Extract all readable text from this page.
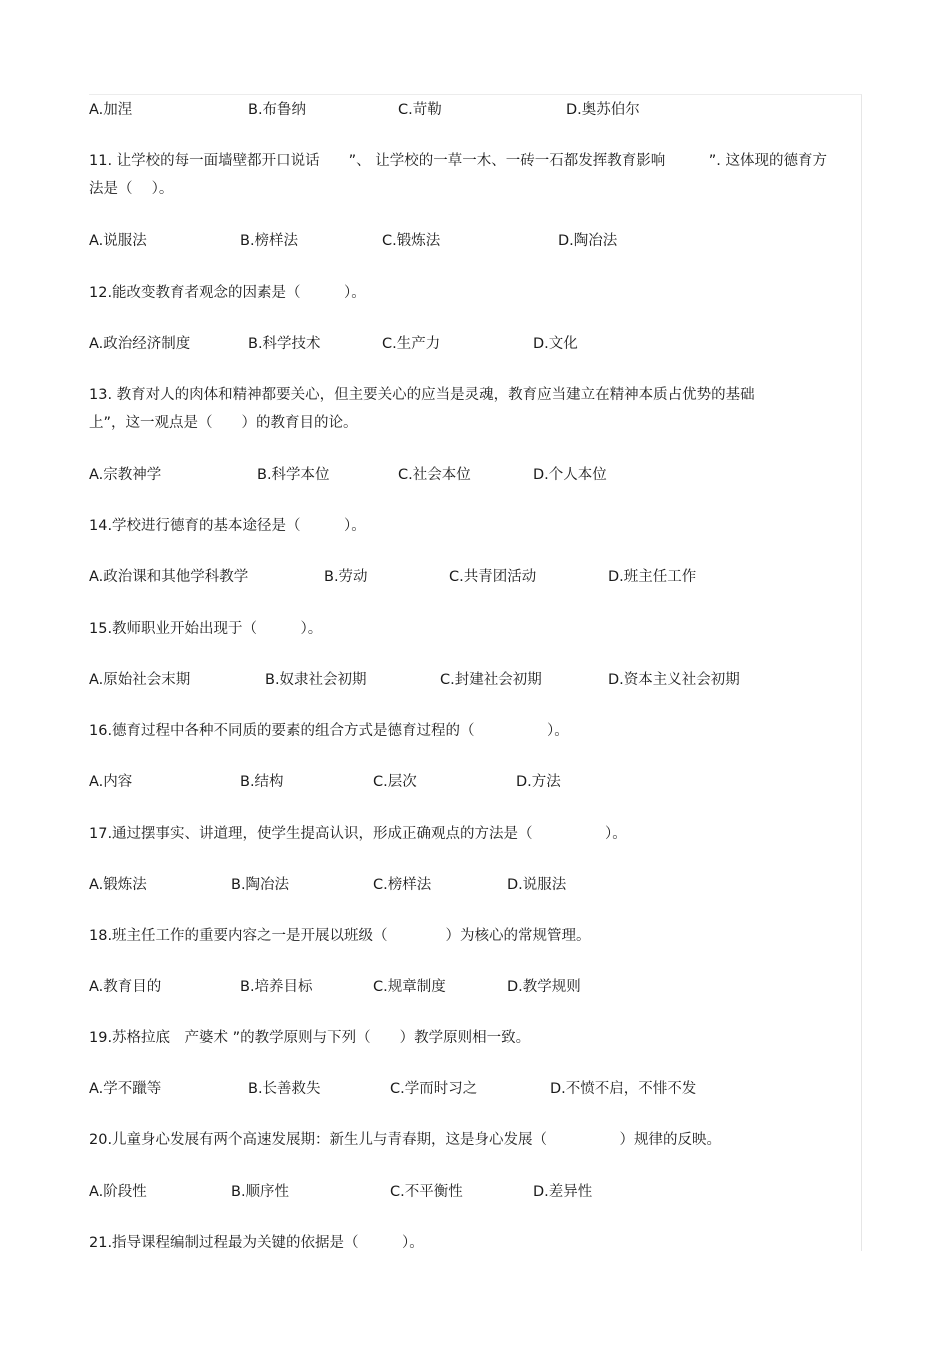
A.加涅	B.布鲁纳	C.苛勒	D.奥苏伯尔
11. 让学校的每一面墙壁都开口说话　　”、 让学校的一草一木、一砖一石都发挥教育影响　　　”. 这体现的德育方
法是（　 ）。
A.说服法	B.榜样法	C.锻炼法	D.陶冶法
12.能改变教育者观念的因素是（　　　）。
A.政治经济制度	B.科学技术	C.生产力	D.文化
13. 教育对人的肉体和精神都要关心，但主要关心的应当是灵魂，教育应当建立在精神本质占优势的基础
上”，这一观点是（　　）的教育目的论。
A.宗教神学	B.科学本位	C.社会本位	D.个人本位
14.学校进行德育的基本途径是（　　　）。
A.政治课和其他学科教学	B.劳动	C.共青团活动	D.班主任工作
15.教师职业开始出现于（　　　）。
A.原始社会末期	B.奴隶社会初期	C.封建社会初期	D.资本主义社会初期
16.德育过程中各种不同质的要素的组合方式是德育过程的（　　　　　）。
A.内容	B.结构	C.层次	D.方法
17.通过摆事实、讲道理，使学生提高认识，形成正确观点的方法是（　　　　　）。
A.锻炼法	B.陶冶法	C.榜样法	D.说服法
18.班主任工作的重要内容之一是开展以班级（　　　　）为核心的常规管理。
A.教育目的	B.培养目标	C.规章制度	D.教学规则
19.苏格拉底　产婆术 ”的教学原则与下列（　　）教学原则相一致。
A.学不躐等	B.长善救失	C.学而时习之	D.不愤不启，不悱不发
20.儿童身心发展有两个高速发展期：新生儿与青春期，这是身心发展（　　　　　）规律的反映。
A.阶段性	B.顺序性	C.不平衡性	D.差异性
21.指导课程编制过程最为关键的依据是（　　　）。
